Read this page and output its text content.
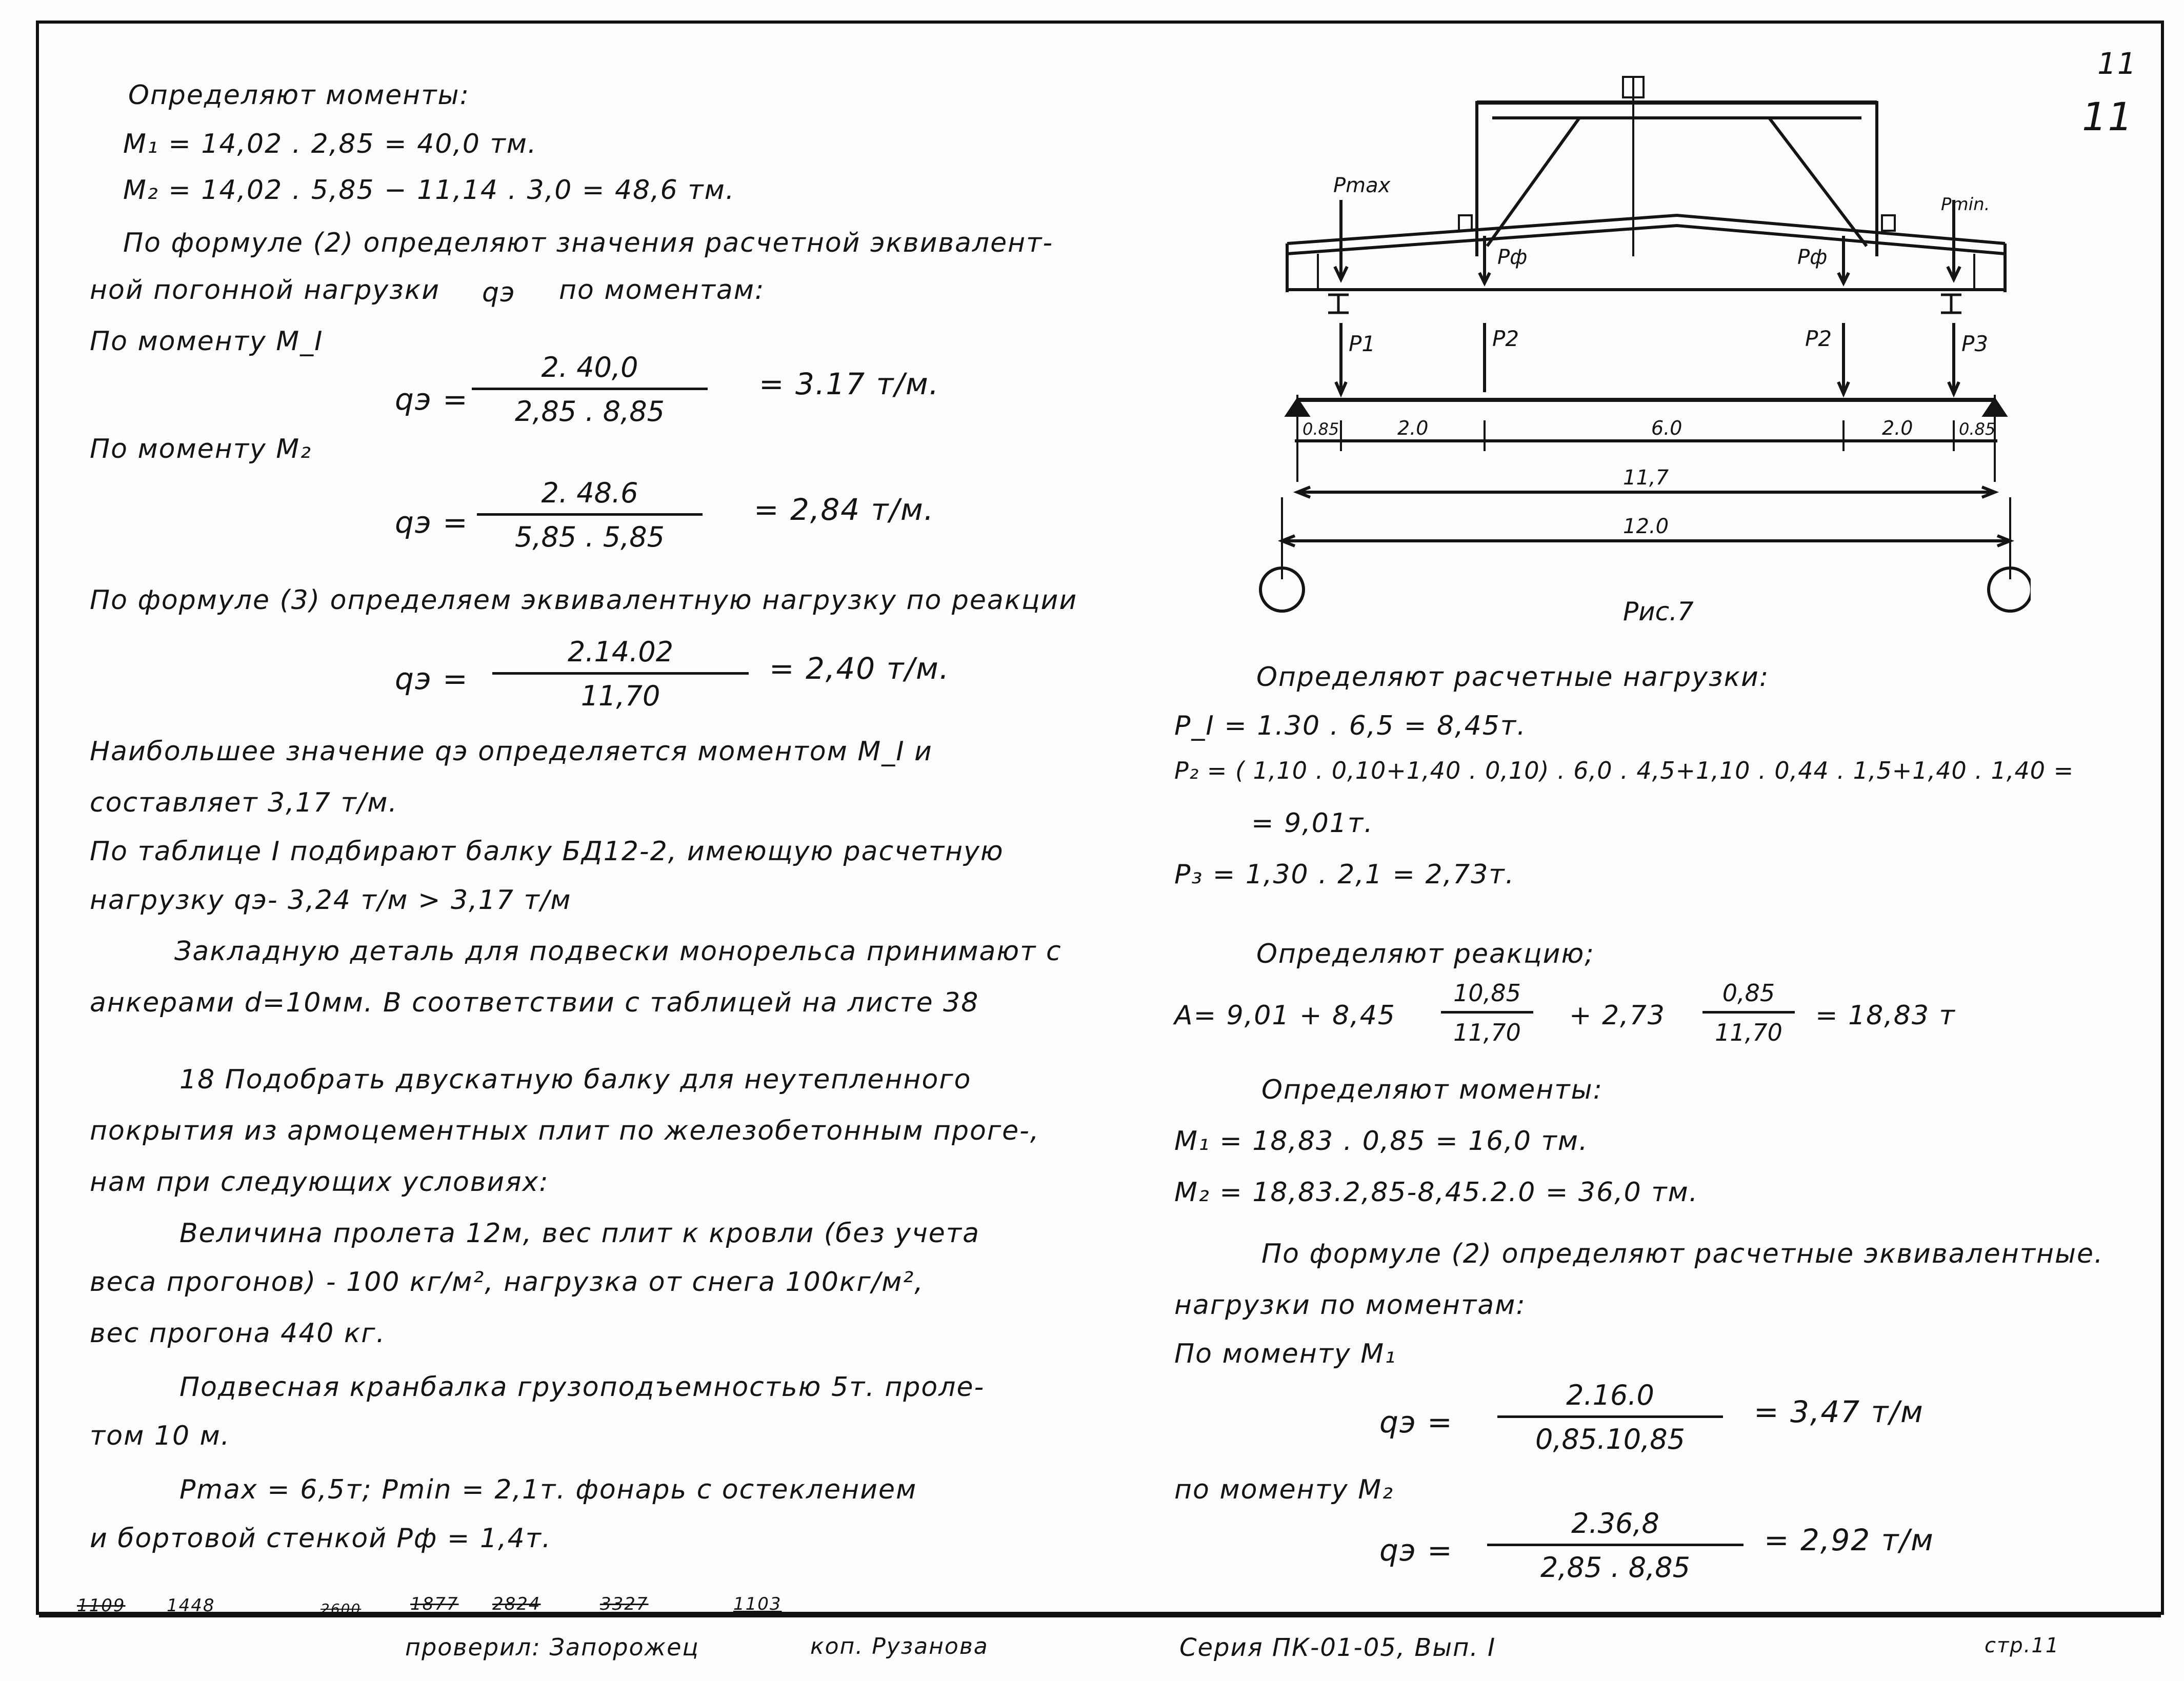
11
11
Определяют моменты:
M₁ = 14,02 . 2,85 = 40,0 тм.
M₂ = 14,02 . 5,85 − 11,14 . 3,0 = 48,6 тм.
По формуле (2) определяют значения расчетной эквивалент-
ной погонной нагрузки qэ по моментам:
По моменту M_I
qэ = $\frac{2. 40,0}{2,85 . 8,85} = 3.17$ т/м.
По моменту M₂
qэ = $\frac{2. 48.6}{5,85 . 5,85} = 2,84$ т/м.
По формуле (3) определяем эквивалентную нагрузку по реакции
qэ = $\frac{2.14.02}{11,70} = 2,40$ т/м.
Наибольшее значение qэ определяется моментом M_I и
составляет 3,17 т/м.
По таблице I подбирают балку БД12-2, имеющую расчетную
нагрузку qэ- 3,24 т/м > 3,17 т/м
Закладную деталь для подвески монорельса принимают с
анкерами d=10мм. В соответствии с таблицей на листе 38
18 Подобрать двускатную балку для неутепленного
покрытия из армоцементных плит по железобетонным проге-,
нам при следующих условиях:
Величина пролета 12м, вес плит к кровли (без учета
веса прогонов) - 100 кг/м², нагрузка от снега 100кг/м²,
вес прогона 440 кг.
Подвесная кранбалка грузоподъемностью 5т. проле-
том 10 м.
Pmax = 6,5т; Pmin = 2,1т. фонарь с остеклением
и бортовой стенкой Pф = 1,4т.
Pmax
Pmin.
Pф	Pф
P1	P2	P2	P3
0.85	2.0	6.0	2.0	0.85
11,7
12.0
Рис.7
Определяют расчетные нагрузки:
P_I = 1.30 . 6,5 = 8,45т.
P₂ = ( 1,10 . 0,10+1,40 . 0,10) . 6,0 . 4,5+1,10 . 0,44 . 1,5+1,40 . 1,40 =
= 9,01т.
P₃ = 1,30 . 2,1 = 2,73т.
Определяют реакцию;
$A= 9,01 + 8,45 \frac{10,85}{11,70} + 2,73 \frac{0,85}{11,70} = 18,83$ т
Определяют моменты:
M₁ = 18,83 . 0,85 = 16,0 тм.
M₂ = 18,83.2,85-8,45.2.0 = 36,0 тм.
По формуле (2) определяют расчетные эквивалентные.
нагрузки по моментам:
По моменту M₁
qэ = $\frac{2.16.0}{0,85.10,85} = 3,47$ т/м
по моменту M₂
qэ = $\frac{2.36,8}{2,85 . 8,85} = 2,92$ т/м
1109 1448	2600	1877 2824	3327	1103
проверил: Запорожец	коп. Рузанова	Серия ПК-01-05, Вып. I	стр.11
